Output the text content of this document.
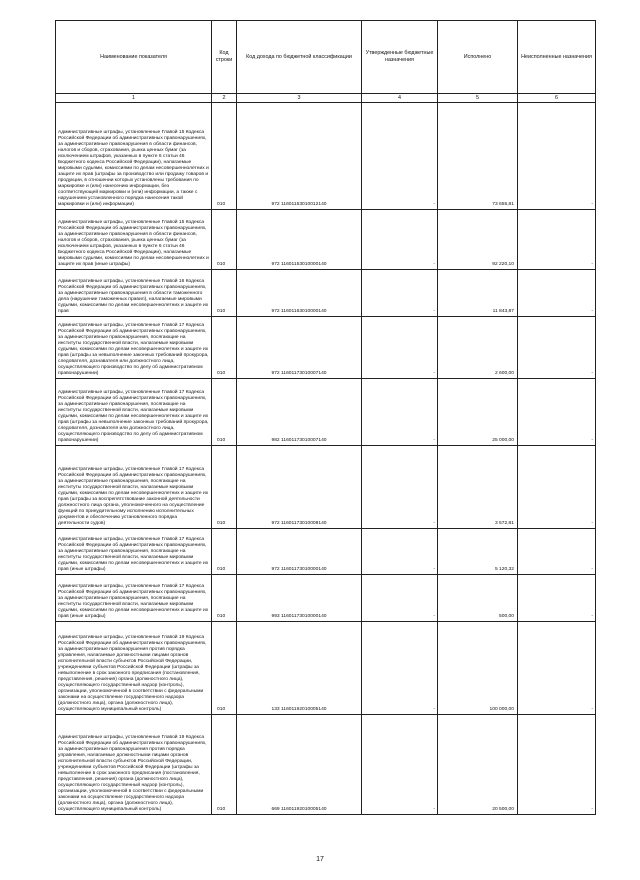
Наименование показателя	Код строки	Код дохода по бюджетной классификации	Утвержденные бюджетные назначения	Исполнено	Неисполненные назначения
1	2	3	4	5	6
Административные штрафы, установленные Главой 15 Кодекса Российской Федерации об административных правонарушениях, за административные правонарушения в области финансов, налогов и сборов, страхования, рынка ценных бумаг (за исключением штрафов, указанных в пункте 6 статьи 46 Бюджетного кодекса Российской Федерации), налагаемые мировыми судьями, комиссиями по делам несовершеннолетних и защите их прав (штрафы за производство или продажу товаров и продукции, в отношении которых установлены требования по маркировке и (или) нанесению информации, без соответствующей маркировки и (или) информации, а также с нарушением установленного порядка нанесения такой маркировки и (или) информации)	010	972 11601153010012140	-	73 655,81	-
Административные штрафы, установленные Главой 15 Кодекса Российской Федерации об административных правонарушениях, за административные правонарушения в области финансов, налогов и сборов, страхования, рынка ценных бумаг (за исключением штрафов, указанных в пункте 6 статьи 46 Бюджетного кодекса Российской Федерации), налагаемые мировыми судьями, комиссиями по делам несовершеннолетних и защите их прав (иные штрафы)	010	972 11601153010000140	-	92 220,10	-
Административные штрафы, установленные Главой 16 Кодекса Российской Федерации об административных правонарушениях, за административные правонарушения в области таможенного дела (нарушение таможенных правил), налагаемые мировыми судьями, комиссиями по делам несовершеннолетних и защите их прав	010	972 11601163010000140	-	11 843,87	-
Административные штрафы, установленные Главой 17 Кодекса Российской Федерации об административных правонарушениях, за административные правонарушения, посягающие на институты государственной власти, налагаемые мировыми судьями, комиссиями по делам несовершеннолетних и защите их прав (штрафы за невыполнение законных требований прокурора, следователя, дознавателя или должностного лица, осуществляющего производство по делу об административном правонарушении)	010	972 11601173010007140	-	2 600,00	-
Административные штрафы, установленные Главой 17 Кодекса Российской Федерации об административных правонарушениях, за административные правонарушения, посягающие на институты государственной власти, налагаемые мировыми судьями, комиссиями по делам несовершеннолетних и защите их прав (штрафы за невыполнение законных требований прокурора, следователя, дознавателя или должностного лица, осуществляющего производство по делу об административном правонарушении)	010	982 11601173010007140	-	25 000,00	-
Административные штрафы, установленные Главой 17 Кодекса Российской Федерации об административных правонарушениях, за административные правонарушения, посягающие на институты государственной власти, налагаемые мировыми судьями, комиссиями по делам несовершеннолетних и защите их прав (штрафы за воспрепятствование законной деятельности должностного лица органа, уполномоченного на осуществление функций по принудительному исполнению исполнительных документов и обеспечению установленного порядка деятельности судов)	010	972 11601173010008140	-	3 572,81	-
Административные штрафы, установленные Главой 17 Кодекса Российской Федерации об административных правонарушениях, за административные правонарушения, посягающие на институты государственной власти, налагаемые мировыми судьями, комиссиями по делам несовершеннолетних и защите их прав (иные штрафы)	010	972 11601173010000140	-	5 120,32	-
Административные штрафы, установленные Главой 17 Кодекса Российской Федерации об административных правонарушениях, за административные правонарушения, посягающие на институты государственной власти, налагаемые мировыми судьями, комиссиями по делам несовершеннолетних и защите их прав (иные штрафы)	010	993 11601173010000140	-	500,00	-
Административные штрафы, установленные Главой 19 Кодекса Российской Федерации об административных правонарушениях, за административные правонарушения против порядка управления, налагаемые должностными лицами органов исполнительной власти субъектов Российской Федерации, учреждениями субъектов Российской Федерации (штрафы за невыполнение в срок законного предписания (постановления, представления, решения) органа (должностного лица), осуществляющего государственный надзор (контроль), организации, уполномоченной в соответствии с федеральными законами на осуществление государственного надзора (должностного лица), органа (должностного лица), осуществляющего муниципальный контроль)	010	133 11601192010005140	-	100 000,00	-
Административные штрафы, установленные Главой 19 Кодекса Российской Федерации об административных правонарушениях, за административные правонарушения против порядка управления, налагаемые должностными лицами органов исполнительной власти субъектов Российской Федерации, учреждениями субъектов Российской Федерации (штрафы за невыполнение в срок законного предписания (постановления, представления, решения) органа (должностного лица), осуществляющего государственный надзор (контроль), организации, уполномоченной в соответствии с федеральными законами на осуществление государственного надзора (должностного лица), органа (должностного лица), осуществляющего муниципальный контроль)	010	669 11601192010005140	-	20 500,00	-
17
